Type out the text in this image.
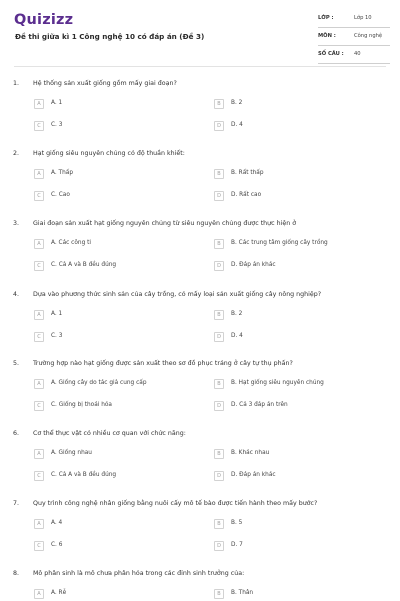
Quizizz
Đề thi giữa kì 1 Công nghệ 10 có đáp án (Đề 3)
LỚP :	Lớp 10
MÔN :	Công nghệ
SỐ CÂU : 40
1. Hệ thống sản xuất giống gồm mấy giai đoạn?
A	A. 1	B	B. 2
C	C. 3	D	D. 4
2. Hạt giống siêu nguyên chủng có độ thuần khiết:
A	A. Thấp	B	B. Rất thấp
C	C. Cao	D	D. Rất cao
3. Giai đoạn sản xuất hạt giống nguyên chủng từ siêu nguyên chủng được thực hiện ở
A	A. Các công ti	B	B. Các trung tâm giống cây trồng
C	C. Cả A và B đều đúng	D	D. Đáp án khác
4. Dựa vào phương thức sinh sản của cây trồng, có mấy loại sản xuất giống cây nông nghiệp?
A	A. 1	B	B. 2
C	C. 3	D	D. 4
5. Trường hợp nào hạt giống được sản xuất theo sơ đồ phục tráng ở cây tự thụ phấn?
A	A. Giống cây do tác giả cung cấp	B	B. Hạt giống siêu nguyên chủng
C	C. Giống bị thoái hóa	D	D. Cả 3 đáp án trên
6. Cơ thể thực vật có nhiều cơ quan với chức năng:
A	A. Giống nhau	B	B. Khác nhau
C	C. Cả A và B đều đúng	D	D. Đáp án khác
7. Quy trình công nghệ nhân giống bằng nuôi cấy mô tế bào được tiến hành theo mấy bước?
A	A. 4	B	B. 5
C	C. 6	D	D. 7
8. Mô phân sinh là mô chưa phân hóa trong các đỉnh sinh trưởng của:
A	A. Rễ	B	B. Thân
